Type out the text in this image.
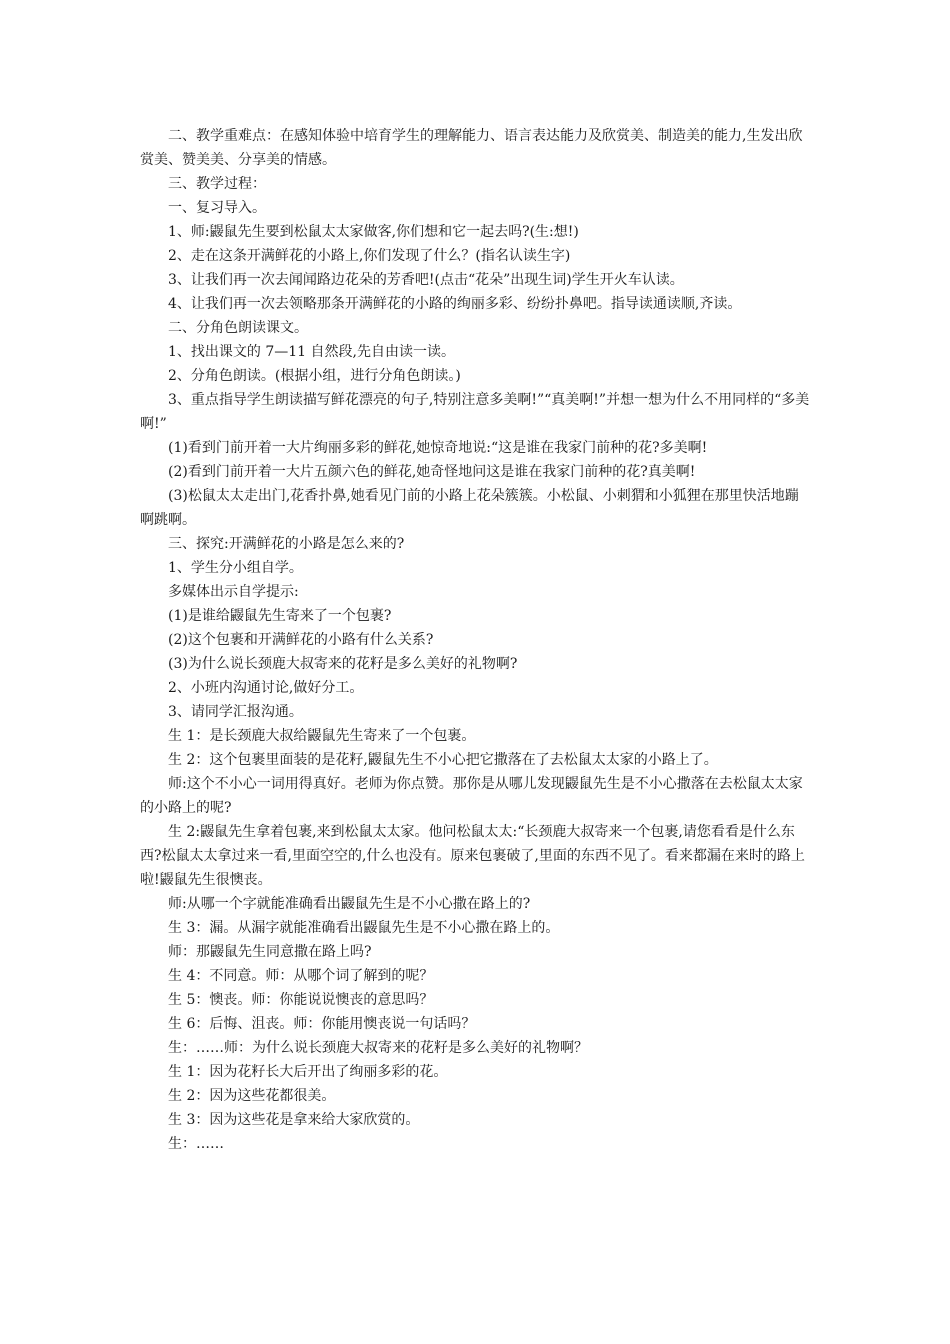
二、教学重难点：在感知体验中培育学生的理解能力、语言表达能力及欣赏美、制造美的能力,生发出欣赏美、赞美美、分享美的情感。

三、教学过程：

一、复习导入。

1、师:鼹鼠先生要到松鼠太太家做客,你们想和它一起去吗?(生:想!)

2、走在这条开满鲜花的小路上,你们发现了什么？(指名认读生字)

3、让我们再一次去闻闻路边花朵的芳香吧!(点击“花朵”出现生词)学生开火车认读。

4、让我们再一次去领略那条开满鲜花的小路的绚丽多彩、纷纷扑鼻吧。指导读通读顺,齐读。

二、分角色朗读课文。

1、找出课文的 7—11 自然段,先自由读一读。

2、分角色朗读。(根据小组，进行分角色朗读。)

3、重点指导学生朗读描写鲜花漂亮的句子,特别注意多美啊!”“真美啊!”并想一想为什么不用同样的“多美啊!”

(1)看到门前开着一大片绚丽多彩的鲜花,她惊奇地说:“这是谁在我家门前种的花?多美啊!

(2)看到门前开着一大片五颜六色的鲜花,她奇怪地问这是谁在我家门前种的花?真美啊!

(3)松鼠太太走出门,花香扑鼻,她看见门前的小路上花朵簇簇。小松鼠、小刺猬和小狐狸在那里快活地蹦啊跳啊。

三、探究:开满鲜花的小路是怎么来的?

1、学生分小组自学。

多媒体出示自学提示:

(1)是谁给鼹鼠先生寄来了一个包裹?

(2)这个包裹和开满鲜花的小路有什么关系?

(3)为什么说长颈鹿大叔寄来的花籽是多么美好的礼物啊?

2、小班内沟通讨论,做好分工。

3、请同学汇报沟通。

生 1：是长颈鹿大叔给鼹鼠先生寄来了一个包裹。

生 2：这个包裹里面装的是花籽,鼹鼠先生不小心把它撒落在了去松鼠太太家的小路上了。

师:这个不小心一词用得真好。老师为你点赞。那你是从哪儿发现鼹鼠先生是不小心撒落在去松鼠太太家的小路上的呢?

生 2:鼹鼠先生拿着包裹,来到松鼠太太家。他问松鼠太太:“长颈鹿大叔寄来一个包裹,请您看看是什么东西?松鼠太太拿过来一看,里面空空的,什么也没有。原来包裹破了,里面的东西不见了。看来都漏在来时的路上啦!鼹鼠先生很懊丧。

师:从哪一个字就能准确看出鼹鼠先生是不小心撒在路上的?

生 3：漏。从漏字就能准确看出鼹鼠先生是不小心撒在路上的。

师：那鼹鼠先生同意撒在路上吗?

生 4：不同意。师：从哪个词了解到的呢？

生 5：懊丧。师：你能说说懊丧的意思吗？

生 6：后悔、沮丧。师：你能用懊丧说一句话吗？

生：……师：为什么说长颈鹿大叔寄来的花籽是多么美好的礼物啊？

生 1：因为花籽长大后开出了绚丽多彩的花。

生 2：因为这些花都很美。

生 3：因为这些花是拿来给大家欣赏的。

生：……
